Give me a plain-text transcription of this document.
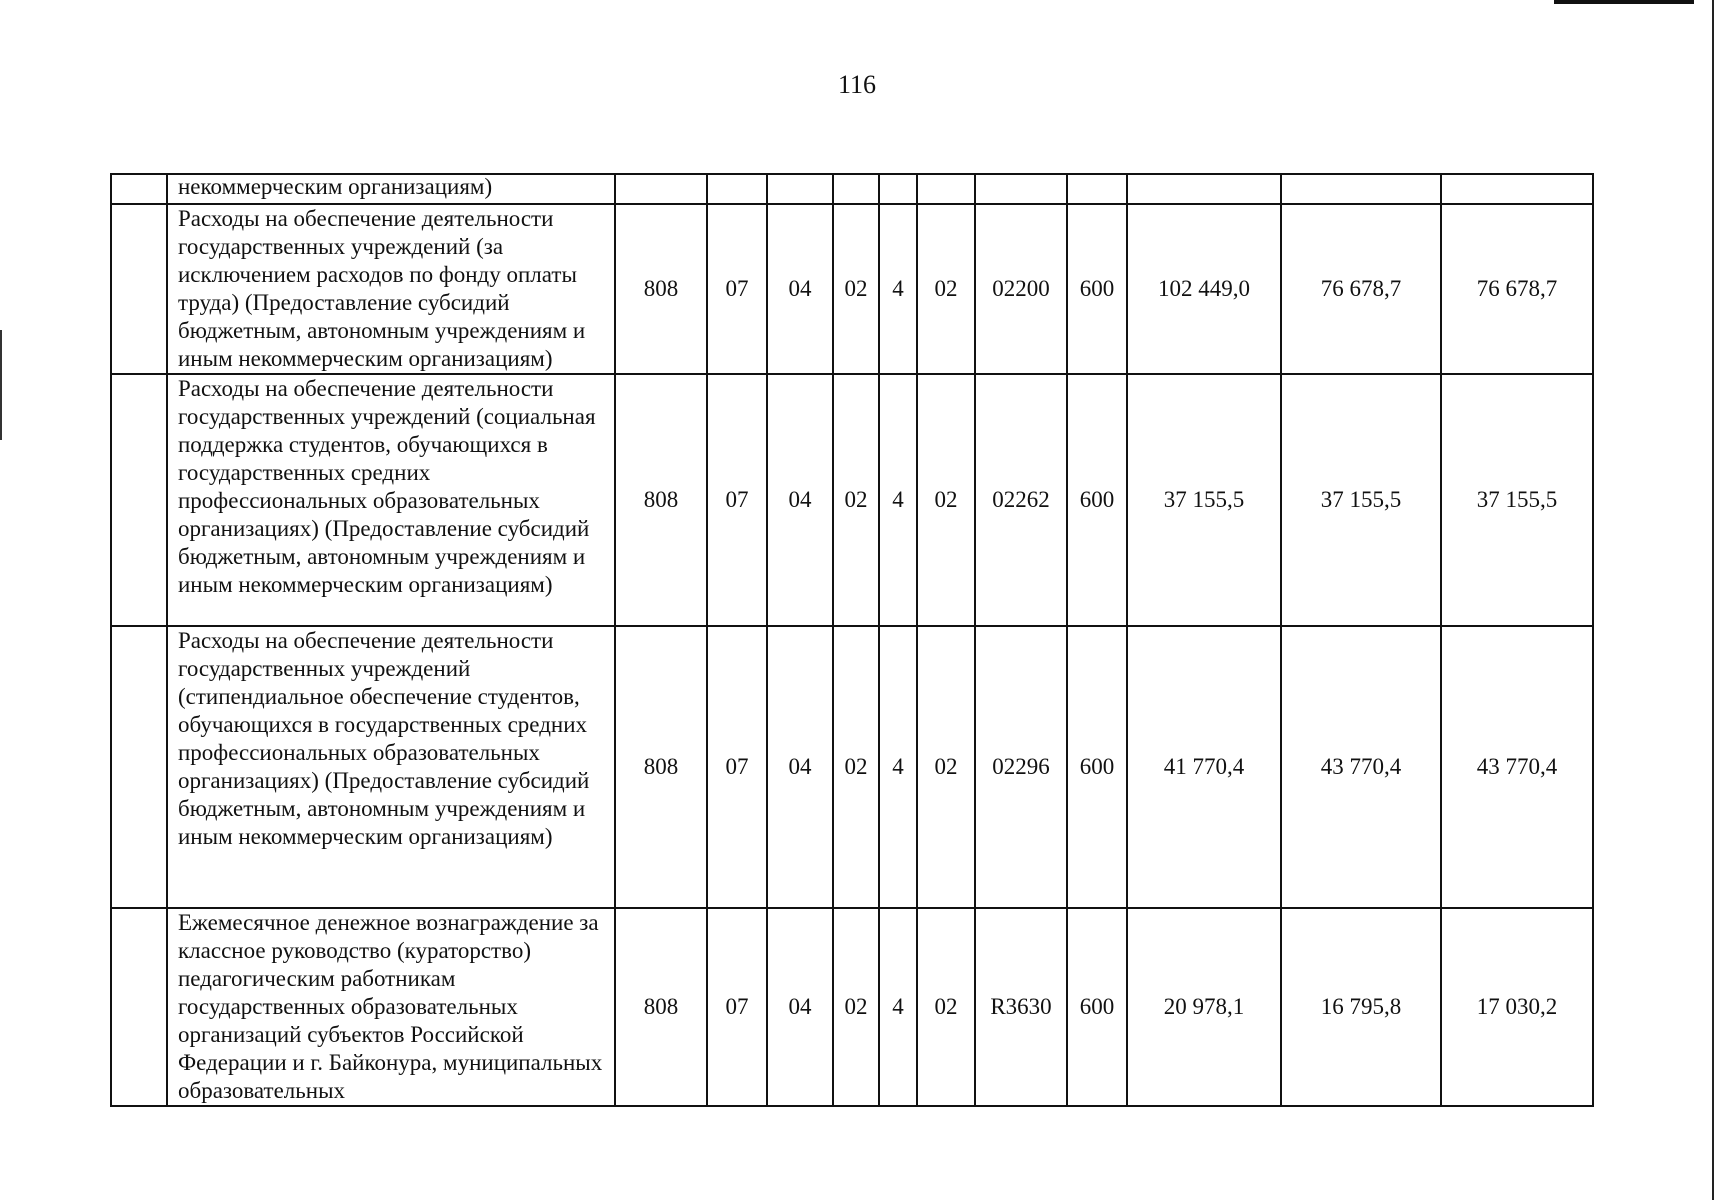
116
	некоммерческим организациям)											
	Расходы на обеспечение деятельности государственных учреждений (за исключением расходов по фонду оплаты труда) (Предоставление субсидий бюджетным, автономным учреждениям и иным некоммерческим организациям)	808	07	04	02	4	02	02200	600	102 449,0	76 678,7	76 678,7
	Расходы на обеспечение деятельности государственных учреждений (социальная поддержка студентов, обучающихся в государственных средних профессиональных образовательных организациях) (Предоставление субсидий бюджетным, автономным учреждениям и иным некоммерческим организациям)	808	07	04	02	4	02	02262	600	37 155,5	37 155,5	37 155,5
	Расходы на обеспечение деятельности государственных учреждений (стипендиальное обеспечение студентов, обучающихся в государственных средних профессиональных образовательных организациях) (Предоставление субсидий бюджетным, автономным учреждениям и иным некоммерческим организациям)	808	07	04	02	4	02	02296	600	41 770,4	43 770,4	43 770,4
	Ежемесячное денежное вознаграждение за классное руководство (кураторство) педагогическим работникам государственных образовательных организаций субъектов Российской Федерации и г. Байконура, муниципальных образовательных	808	07	04	02	4	02	R3630	600	20 978,1	16 795,8	17 030,2
